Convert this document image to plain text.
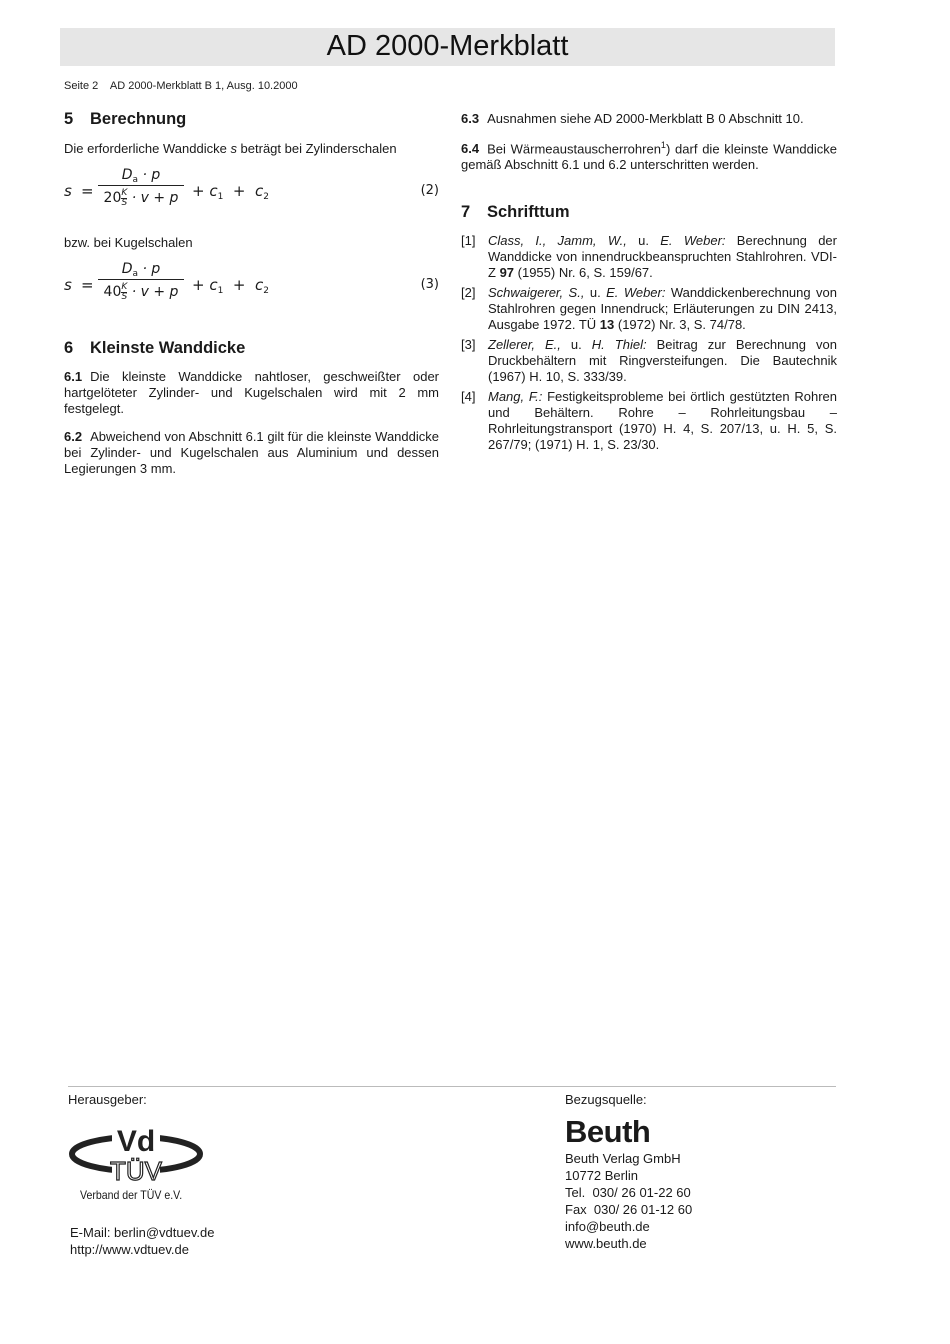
AD 2000-Merkblatt
Seite 2    AD 2000-Merkblatt B 1, Ausg. 10.2000
5 Berechnung

Die erforderliche Wanddicke s beträgt bei Zylinderschalen

s =
$D_a \cdot p$
$20 \frac{K}{S} \cdot v + p + c_1 + c_2$	(2)

bzw. bei Kugelschalen

s =
$D_a \cdot p$
$40 \frac{K}{S} \cdot v + p + c_1 + c_2$	(3)
6 Kleinste Wanddicke

6.1 Die kleinste Wanddicke nahtloser, geschweißter oder hartgelöteter Zylinder- und Kugelschalen wird mit 2 mm festgelegt.

6.2 Abweichend von Abschnitt 6.1 gilt für die kleinste Wanddicke bei Zylinder- und Kugelschalen aus Aluminium und dessen Legierungen 3 mm.

6.3 Ausnahmen siehe AD 2000-Merkblatt B 0 Abschnitt 10.

6.4 Bei Wärmeaustauscherrohren$^1$) darf die kleinste Wanddicke gemäß Abschnitt 6.1 und 6.2 unterschritten werden.

7 Schrifttum
[1] Class, I., Jamm, W., u. E. Weber: Berechnung der Wanddicke von innendruckbeanspruchten Stahlrohren. VDI-Z 97 (1955) Nr. 6, S. 159/67.
[2] Schwaigerer, S., u. E. Weber: Wanddickenberechnung von Stahlrohren gegen Innendruck; Erläuterungen zu DIN 2413, Ausgabe 1972. TÜ 13 (1972) Nr. 3, S. 74/78.
[3] Zellerer, E., u. H. Thiel: Beitrag zur Berechnung von Druckbehältern mit Ringversteifungen. Die Bautechnik (1967) H. 10, S. 333/39.
[4] Mang, F.: Festigkeitsprobleme bei örtlich gestützten Rohren und Behältern. Rohre – Rohrleitungsbau – Rohrleitungstransport (1970) H. 4, S. 207/13, u. H. 5, S. 267/79; (1971) H. 1, S. 23/30.
Herausgeber:
Vd
TÜV
Verband der TÜV e.V.
E-Mail: berlin@vdtuev.de
http://www.vdtuev.de
Bezugsquelle:
Beuth
Beuth Verlag GmbH
10772 Berlin
Tel.  030/ 26 01-22 60
Fax  030/ 26 01-12 60
info@beuth.de
www.beuth.de
